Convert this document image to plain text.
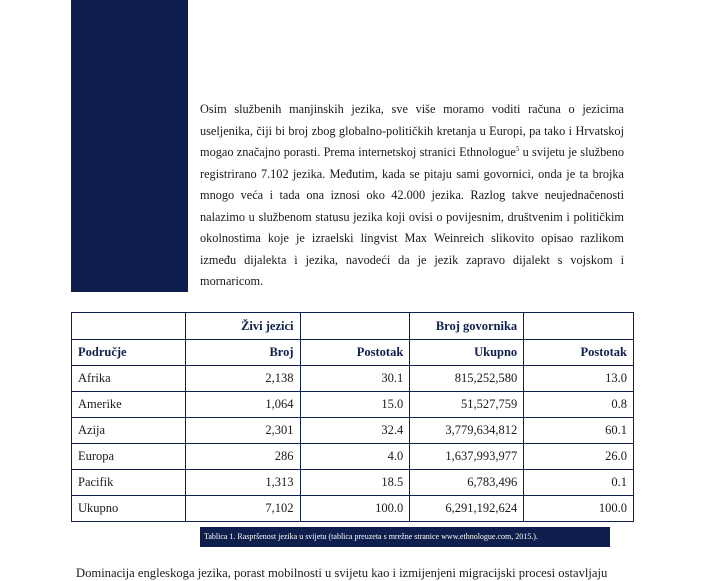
Osim službenih manjinskih jezika, sve više moramo voditi računa o jezicima useljenika, čiji bi broj zbog globalno-političkih kretanja u Europi, pa tako i Hrvatskoj mogao značajno porasti. Prema internetskoj stranici Ethnologue$^5$ u svijetu je službeno registrirano 7.102 jezika. Međutim, kada se pitaju sami govornici, onda je ta brojka mnogo veća i tada ona iznosi oko 42.000 jezika. Razlog takve neujednačenosti nalazimo u službenom statusu jezika koji ovisi o povijesnim, društvenim i političkim okolnostima koje je izraelski lingvist Max Weinreich slikovito opisao razlikom između dijalekta i jezika, navodeći da je jezik zapravo dijalekt s vojskom i mornaricom.

	Živi jezici		Broj govornika	
Područje	Broj	Postotak	Ukupno	Postotak
Afrika	2,138	30.1	815,252,580	13.0
Amerike	1,064	15.0	51,527,759	0.8
Azija	2,301	32.4	3,779,634,812	60.1
Europa	286	4.0	1,637,993,977	26.0
Pacifik	1,313	18.5	6,783,496	0.1
Ukupno	7,102	100.0	6,291,192,624	100.0
Tablica 1. Raspršenost jezika u svijetu (tablica preuzeta s mrežne stranice www.ethnologue.com, 2015.).
Dominacija engleskoga jezika, porast mobilnosti u svijetu kao i izmijenjeni migracijski procesi ostavljaju
